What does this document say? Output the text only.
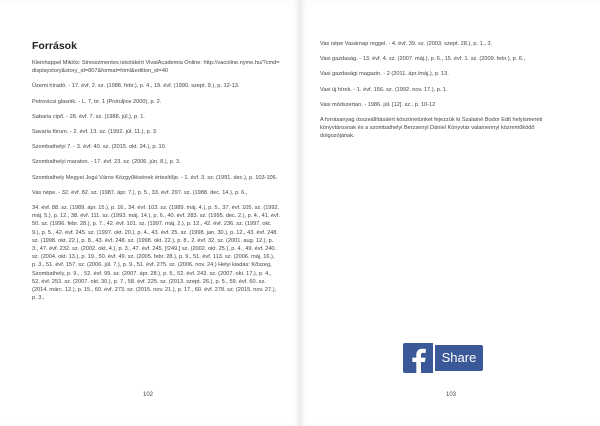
Források

Kleinhappel Miklós: Stresszmentes iskolákért VivatAcademia Online: http://vacoline.nyme.hu/?cmd=displaystory&story_id=807&format=html&edition_id=40

Üzemi híradó. - 17. évf. 2. sz. (1988. febr.), p. 4., 19. évf. (1990. szept. 9.), p. 12-13.

Petrovicsi glasnik. - L. 7, br. 1 (Protuljice 2000), p. 2.

Sabaria cipő. - 28. évf. 7. sz. (1988. júl.), p. 1.

Savaria fórum. - 2. évf. 13. sz. (1992. júl. 11.), p. 3.

Szombathelyi 7. - 3. évf. 40. sz. (2015. okt. 24.), p. 10.

Szombathelyi maraton. - 17. évf. 23. sz. (2006. jún. 8.), p. 3.

Szombathely Megyei Jogú Város Közgyűlésének értesítője. - 1. évf. 3. sz. (1991. dec.), p. 103-106.

Vas népe. - 32. évf. 82. sz. (1987. ápr. 7.), p. 5., 33. évf. 297. sz. (1988. dec. 14.), p. 6.,

34. évf. 88. sz. (1989. ápr. 15.), p. 16., 34. évf. 103. sz. (1989. máj. 4.), p. 5., 37. évf. 105. sz. (1992. máj. 5.), p. 12., 38. évf. 111. sz. (1993. máj. 14.), p. 6., 40. évf. 283. sz. (1995. dec. 2.), p. 4., 41. évf. 50. sz. (1996. febr. 28.), p. 7., 42. évf. 101. sz. (1997. máj. 2.), p. 12., 42. évf. 236. sz. (1997. okt. 9.), p. 5., 42. évf. 245. sz. (1997. okt. 20.), p. 4., 43. évf. 25. sz. (1998. jan. 30.), p. 12., 43. évf. 248. sz. (1998. okt. 22.), p. 8., 43. évf. 248. sz. (1998. okt. 22.), p. 8., 2. évf. 32. sz. (2001. aug. 12.), p. 3., 47. évf. 232. sz. (2002. okt. 4.), p. 3., 47. évf. 245. [!249.] sz. (2002. okt. 25.), p. 4., 49. évf. 240. sz. (2004. okt. 13.), p. 19., 50. évf. 49. sz. (2005. febr. 28.), p. 9., 51. évf. 113. sz. (2006. máj. 16.), p. 3., 51. évf. 157. sz. (2006. júl. 7.), p. 9., 51. évf. 275. sz. (2006. nov. 24.) Helyi kiadás: Kőszeg, Szombathely, p. 9., . 52. évf. 99. sz. (2007. ápr. 28.), p. 5., 52. évf. 243. sz. (2007. okt. 17.), p. 4., 52. évf. 253. sz. (2007. okt. 30.), p. 7., 58. évf. 225. sz. (2013. szept. 26.), p. 5., 59. évf. 60. sz. (2014. márc. 12.), p. 15., 60. évf. 273. sz. (2015. nov. 21.), p. 17., 60. évf. 278. sz. (2015. nov. 27.), p. 3.,

102

Vas népe Vasárnap reggel. - 4. évf. 39. sz. (2003. szept. 28.), p. 1., 3.

Vasi gazdaság. - 13. évf. 4. sz. (2007. máj.), p. 6., 15. évf. 1. sz. (2009. febr.), p. 6.,

Vasi gazdasági magazin. - 2 (2011. ápr./máj.), p. 13.

Vasi új hírek. - 1. évf. 156. sz. (1992. nov. 17.), p. 1.

Vasi módszertan. - 1986. júl. [12]. sz., p. 10-12

A forrásanyag összeállításáért köszönetünket fejezzük ki Szalainé Bodor Edit helyismereti könyvtárosnak és a szombathelyi Berzsenyi Dániel Könyvtár valamennyi közreműködő dolgozójának.

Share
103
